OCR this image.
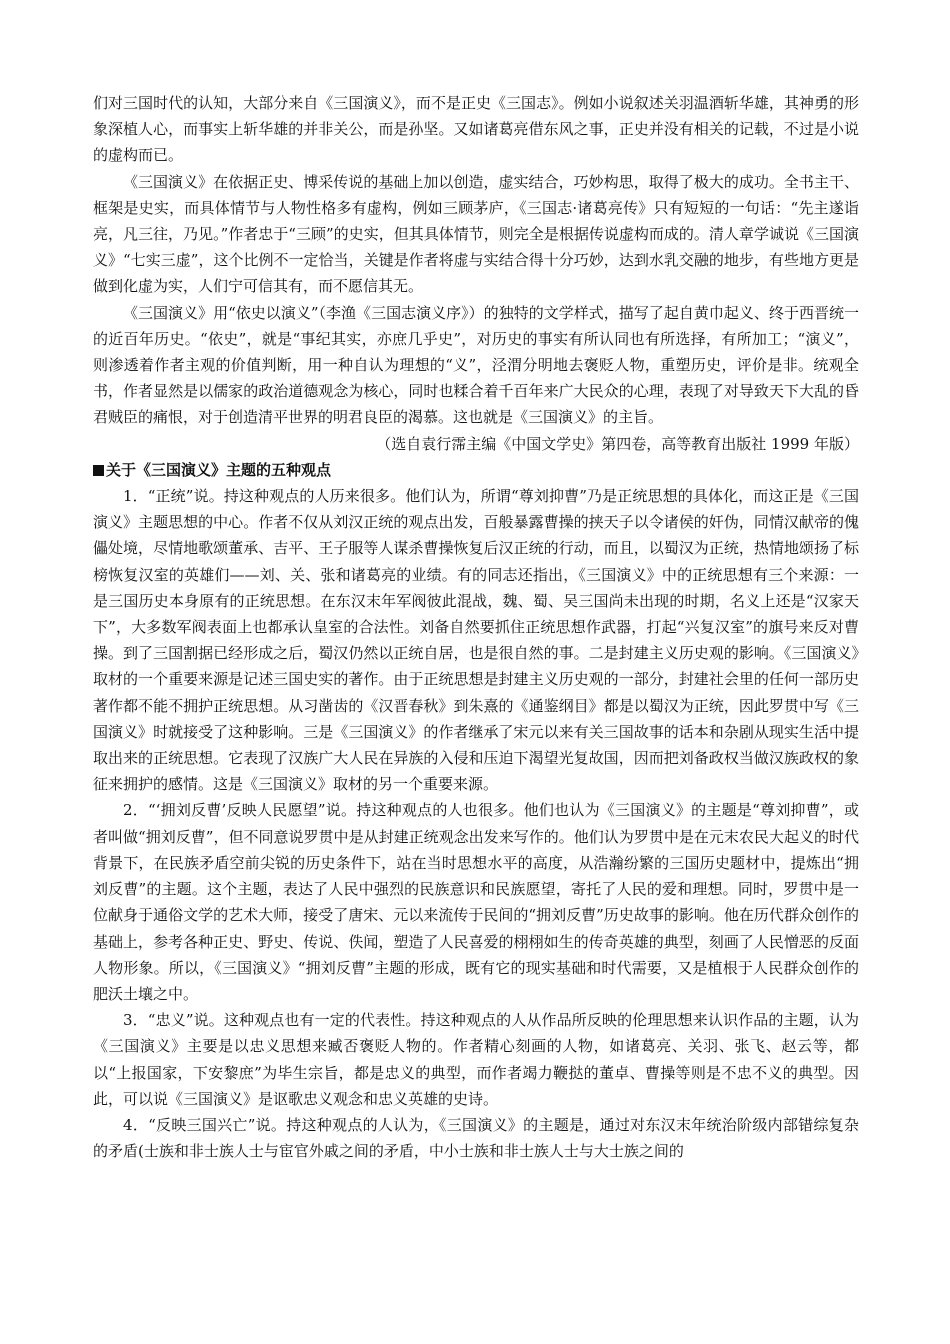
们对三国时代的认知，大部分来自《三国演义》，而不是正史《三国志》。例如小说叙述关羽温酒斩华雄，其神勇的形象深植人心，而事实上斩华雄的并非关公，而是孙坚。又如诸葛亮借东风之事，正史并没有相关的记载，不过是小说的虚构而已。

《三国演义》在依据正史、博采传说的基础上加以创造，虚实结合，巧妙构思，取得了极大的成功。全书主干、框架是史实，而具体情节与人物性格多有虚构，例如三顾茅庐，《三国志·诸葛亮传》只有短短的一句话：“先主遂诣亮，凡三往，乃见。”作者忠于“三顾”的史实，但其具体情节，则完全是根据传说虚构而成的。清人章学诚说《三国演义》“七实三虚”，这个比例不一定恰当，关键是作者将虚与实结合得十分巧妙，达到水乳交融的地步，有些地方更是做到化虚为实，人们宁可信其有，而不愿信其无。

《三国演义》用“依史以演义”（李渔《三国志演义序》）的独特的文学样式，描写了起自黄巾起义、终于西晋统一的近百年历史。“依史”，就是“事纪其实，亦庶几乎史”，对历史的事实有所认同也有所选择，有所加工；“演义”，则渗透着作者主观的价值判断，用一种自认为理想的“义”，泾渭分明地去褒贬人物，重塑历史，评价是非。统观全书，作者显然是以儒家的政治道德观念为核心，同时也糅合着千百年来广大民众的心理，表现了对导致天下大乱的昏君贼臣的痛恨，对于创造清平世界的明君良臣的渴慕。这也就是《三国演义》的主旨。

（选自袁行霈主编《中国文学史》第四卷，高等教育出版社 1999 年版）

关于《三国演义》主题的五种观点

1．“正统”说。持这种观点的人历来很多。他们认为，所谓“尊刘抑曹”乃是正统思想的具体化，而这正是《三国演义》主题思想的中心。作者不仅从刘汉正统的观点出发，百般暴露曹操的挟天子以令诸侯的奸伪，同情汉献帝的傀儡处境，尽情地歌颂董承、吉平、王子服等人谋杀曹操恢复后汉正统的行动，而且，以蜀汉为正统，热情地颂扬了标榜恢复汉室的英雄们——刘、关、张和诸葛亮的业绩。有的同志还指出，《三国演义》中的正统思想有三个来源：一是三国历史本身原有的正统思想。在东汉末年军阀彼此混战，魏、蜀、吴三国尚未出现的时期，名义上还是“汉家天下”，大多数军阀表面上也都承认皇室的合法性。刘备自然要抓住正统思想作武器，打起“兴复汉室”的旗号来反对曹操。到了三国割据已经形成之后，蜀汉仍然以正统自居，也是很自然的事。二是封建主义历史观的影响。《三国演义》取材的一个重要来源是记述三国史实的著作。由于正统思想是封建主义历史观的一部分，封建社会里的任何一部历史著作都不能不拥护正统思想。从习凿齿的《汉晋春秋》到朱熹的《通鉴纲目》都是以蜀汉为正统，因此罗贯中写《三国演义》时就接受了这种影响。三是《三国演义》的作者继承了宋元以来有关三国故事的话本和杂剧从现实生活中提取出来的正统思想。它表现了汉族广大人民在异族的入侵和压迫下渴望光复故国，因而把刘备政权当做汉族政权的象征来拥护的感情。这是《三国演义》取材的另一个重要来源。

2．“‘拥刘反曹’反映人民愿望”说。持这种观点的人也很多。他们也认为《三国演义》的主题是“尊刘抑曹”，或者叫做“拥刘反曹”，但不同意说罗贯中是从封建正统观念出发来写作的。他们认为罗贯中是在元末农民大起义的时代背景下，在民族矛盾空前尖锐的历史条件下，站在当时思想水平的高度，从浩瀚纷繁的三国历史题材中，提炼出“拥刘反曹”的主题。这个主题，表达了人民中强烈的民族意识和民族愿望，寄托了人民的爱和理想。同时，罗贯中是一位献身于通俗文学的艺术大师，接受了唐宋、元以来流传于民间的“拥刘反曹”历史故事的影响。他在历代群众创作的基础上，参考各种正史、野史、传说、佚闻，塑造了人民喜爱的栩栩如生的传奇英雄的典型，刻画了人民憎恶的反面人物形象。所以，《三国演义》“拥刘反曹”主题的形成，既有它的现实基础和时代需要，又是植根于人民群众创作的肥沃土壤之中。

3．“忠义”说。这种观点也有一定的代表性。持这种观点的人从作品所反映的伦理思想来认识作品的主题，认为《三国演义》主要是以忠义思想来臧否褒贬人物的。作者精心刻画的人物，如诸葛亮、关羽、张飞、赵云等，都以“上报国家，下安黎庶”为毕生宗旨，都是忠义的典型，而作者竭力鞭挞的董卓、曹操等则是不忠不义的典型。因此，可以说《三国演义》是讴歌忠义观念和忠义英雄的史诗。

4．“反映三国兴亡”说。持这种观点的人认为，《三国演义》的主题是，通过对东汉末年统治阶级内部错综复杂的矛盾(士族和非士族人士与宦官外戚之间的矛盾，中小士族和非士族人士与大士族之间的
